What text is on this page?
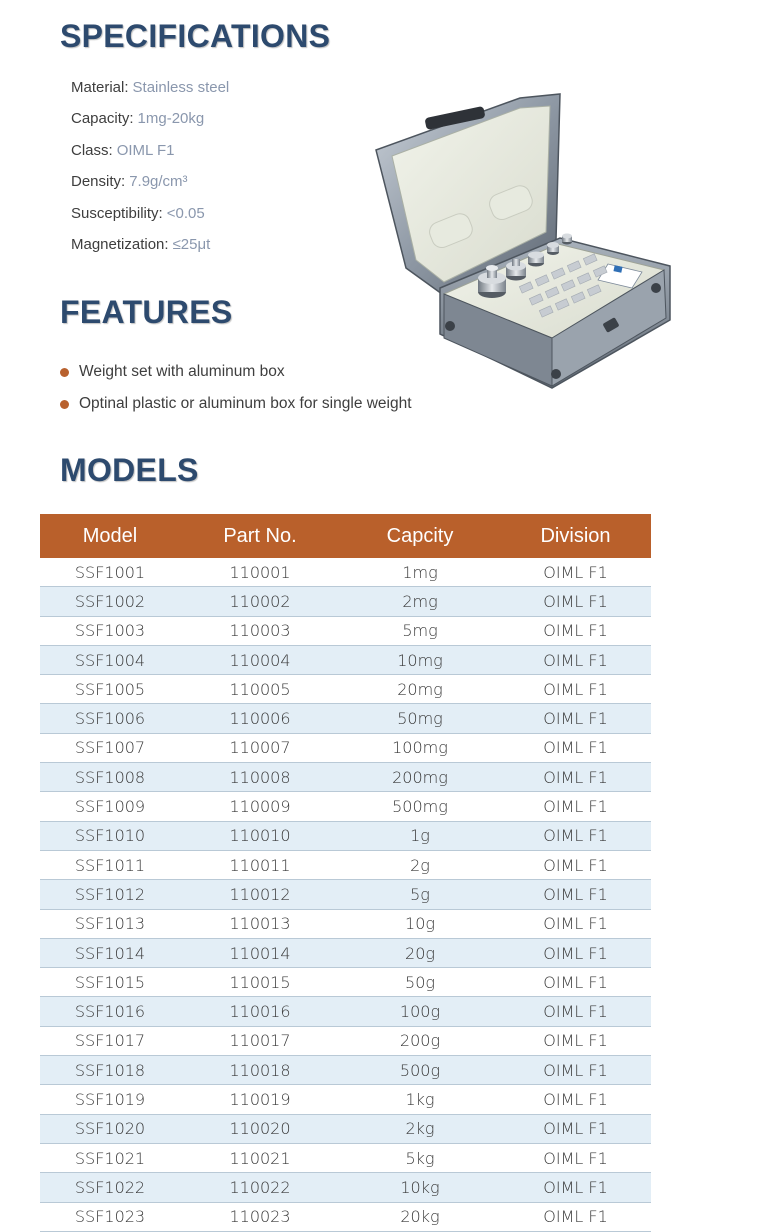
SPECIFICATIONS
Material: Stainless steel
Capacity: 1mg-20kg
Class: OIML F1
Density: 7.9g/cm³
Susceptibility: <0.05
Magnetization: ≤25μt
FEATURES
Weight set with aluminum box
Optinal plastic or aluminum box for single weight
MODELS
Model	Part No.	Capcity	Division
SSF1001	110001	1mg	OIML F1
SSF1002	110002	2mg	OIML F1
SSF1003	110003	5mg	OIML F1
SSF1004	110004	10mg	OIML F1
SSF1005	110005	20mg	OIML F1
SSF1006	110006	50mg	OIML F1
SSF1007	110007	100mg	OIML F1
SSF1008	110008	200mg	OIML F1
SSF1009	110009	500mg	OIML F1
SSF1010	110010	1g	OIML F1
SSF1011	110011	2g	OIML F1
SSF1012	110012	5g	OIML F1
SSF1013	110013	10g	OIML F1
SSF1014	110014	20g	OIML F1
SSF1015	110015	50g	OIML F1
SSF1016	110016	100g	OIML F1
SSF1017	110017	200g	OIML F1
SSF1018	110018	500g	OIML F1
SSF1019	110019	1kg	OIML F1
SSF1020	110020	2kg	OIML F1
SSF1021	110021	5kg	OIML F1
SSF1022	110022	10kg	OIML F1
SSF1023	110023	20kg	OIML F1
